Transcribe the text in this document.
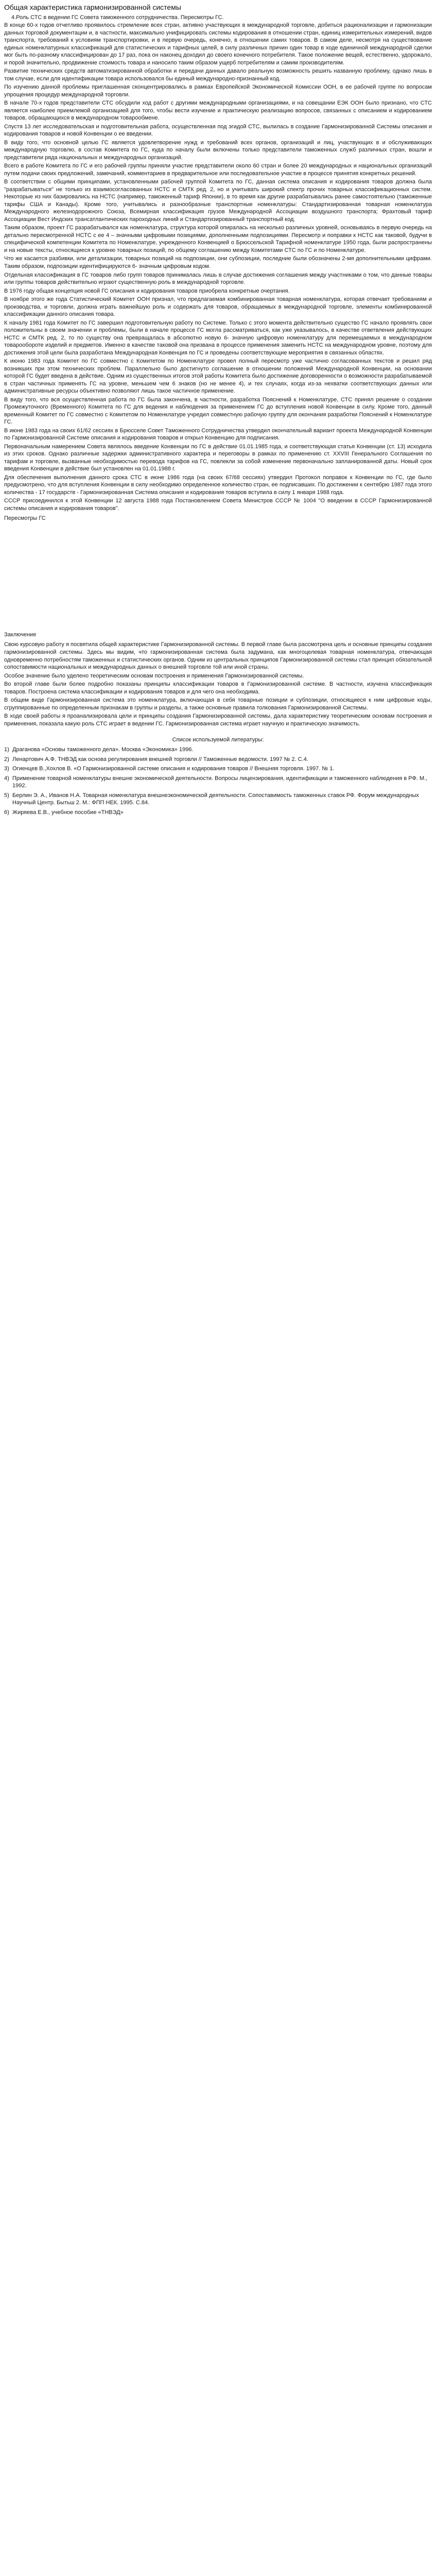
Общая характеристика гармонизированной системы
4.Роль СТС в ведении ГС Совета таможенного сотрудничества. Пересмотры ГС.

В конце 60-х годов отчетливо проявилось стремление всех стран, активно участвующих в международной торговле, добиться рационализации и гармонизации данных торговой документации и, в частности, максимально унифицировать системы кодирования в отношении стран, единиц измерительных измерений, видов транспорта, требований к условиям транспортировки, и в первую очередь, конечно, в отношении самих товаров. В самом деле, несмотря на существование единых номенклатурных классификаций для статистических и тарифных целей, в силу различных причин один товар в ходе единичной международной сделки мог быть по-разному классифицирован до 17 раз, пока он наконец доходил до своего конечного потребителя. Такое положение вещей, естественно, удорожало, и порой значительно, продвижение стоимость товара и наносило таким образом ущерб потребителям и самим производителям.

Развитие технических средств автоматизированной обработки и передачи данных давало реальную возможность решить названную проблему, однако лишь в том случае, если для идентификации товара использовался бы единый международно-признанный код.

По изучению данной проблемы приглашенная сконцентрировались в рамках Европейской Экономической Комиссии ООН, в ее рабочей группе по вопросам упрощения процедур международной торговли.

В начале 70-х годов представители СТС обсудили ход работ с другими международными организациями, и на совещании ЕЭК ООН было признано, что СТС является наиболее приемлемой организацией для того, чтобы вести изучение и практическую реализацию вопросов, связанных с описанием и кодированием товаров, обращающихся в международном товарообмене.

Спустя 13 лет исследовательская и подготовительная работа, осуществленная под эгидой СТС, вылилась в создание Гармонизированной Системы описания и кодирования товаров и новой Конвенции о ее введении.

В виду того, что основной целью ГС является удовлетворение нужд и требований всех органов, организаций и лиц, участвующих в и обслуживающих международную торговлю, в состав Комитета по ГС, куда по началу были включены только представители таможенных служб различных стран, вошли и представители ряда национальных и международных организаций.

Всего в работе Комитета по ГС и его рабочей группы приняли участие представители около 60 стран и более 20 международных и национальных организаций путем подачи своих предложений, замечаний, комментариев в предварительное или последовательное участие в процессе принятия конкретных решений.

В соответствии с общими принципами, установленными рабочей группой Комитета по ГС, данная система описания и кодирования товаров должна была "разрабатываться" не только из взаимосогласованных НСТС и СМТК ред. 2, но и учитывать широкий спектр прочих товарных классификационных систем. Некоторые из них базировались на НСТС (например, таможенный тариф Японии), в то время как другие разрабатывались ранее самостоятельно (таможенные тарифы США и Канады). Кроме того, учитывались и разнообразные транспортные номенклатуры: Стандартизированная товарная номенклатура Международного железнодорожного Союза, Всемирная классификация грузов Международной Ассоциации воздушного транспорта; Фрахтовый тариф Ассоциации Вест Индских трансатлантических пароходных линий и Стандартизированный транспортный код.

Таким образом, проект ГС разрабатывался как номенклатура, структура которой опиралась на несколько различных уровней, основываясь в первую очередь на детально пересмотренной НСТС с ее 4 – значными цифровыми позициями, дополненными подпозициями. Пересмотр и поправки к НСТС как таковой, будучи в специфической компетенции Комитета по Номенклатуре, учрежденного Конвенцией о Брюссельской Тарифной номенклатуре 1950 года, были распространены и на новые тексты, относящиеся к уровню товарных позиций, по общему соглашению между Комитетами СТС по ГС и по Номенклатуре.

Что же касается разбивки, или детализации, товарных позиций на подпозиции, они субпозиции, последние были обозначены 2-мя дополнительными цифрами. Таким образом, подпозиции идентифицируются 6- значным цифровым кодом.

Отдельная классификация в ГС товаров либо групп товаров принималась лишь в случае достижения соглашения между участниками о том, что данные товары или группы товаров действительно играют существенную роль в международной торговле.

В 1976 году общая концепция новой ГС описания и кодирования товаров приобрела конкретные очертания.

В ноябре этого же года Статистический Комитет ООН признал, что предлагаемая комбинированная товарная номенклатура, которая отвечает требованиям и производства, и торговли, должна играть важнейшую роль и содержать для товаров, обращаемых в международной торговле, элементы комбинированной классификации данного описания товара.

К началу 1981 года Комитет по ГС завершил подготовительную работу по Системе. Только с этого момента действительно существо ГС начало проявлять свои положительны в своем значении и проблемы, были в начале процессе ГС могла рассматриваться, как уже указывалось, в качестве ответвления действующих НСТС и СМТК ред. 2, то по существу она превращалась в абсолютно новую 6- значную цифровую номенклатуру для перемещаемых в международном товарообороте изделий и предметов. Именно в качестве таковой она призвана в процессе применения заменить НСТС на международном уровне, поэтому для достижения этой цели была разработана Международная Конвенция по ГС и проведены соответствующие мероприятия в связанных областях.

К июню 1983 года Комитет по ГС совместно с Комитетом по Номенклатуре провел полный пересмотр уже частично согласованных текстов и решил ряд возникших при этом технических проблем. Параллельно было достигнуто соглашение в отношении положений Международной Конвенции, на основании которой ГС будет введена в действие. Одним из существенных итогов этой работы Комитета было достижение договоренности о возможности разрабатываемой в стран частичных применять ГС на уровне, меньшем чем 6 знаков (но не менее 4), и тех случаях, когда из-за нехватки соответствующих данных или административные ресурсы объективно позволяют лишь такое частичное применение.

В виду того, что вся осуществленная работа по ГС была закончена, в частности, разработка Пояснений к Номенклатуре, СТС принял решение о создании Промежуточного (Временного) Комитета по ГС для ведения и наблюдения за применением ГС до вступления новой Конвенции в силу. Кроме того, данный временный Комитет по ГС совместно с Комитетом по Номенклатуре учредил совместную рабочую группу для окончания разработки Пояснений к Номенклатуре ГС.

В июне 1983 года на своих 61/62 сессиях в Брюсселе Совет Таможенного Сотрудничества утвердил окончательный вариант проекта Международной Конвенции по Гармонизированной Системе описания и кодирования товаров и открыл Конвенцию для подписания.

Первоначальным намерением Совета являлось введение Конвенции по ГС в действие 01.01.1985 года, и соответствующая статья Конвенции (ст. 13) исходила из этих сроков. Однако различные задержки административного характера и переговоры в рамках по применению ст. XXVIII Генерального Соглашения по тарифам и торговле, вызванные необходимостью перевода тарифов на ГС, повлекли за собой изменение первоначально запланированной даты. Новый срок введения Конвенции в действие был установлен на 01.01.1988 г.

Для обеспечения выполнения данного срока СТС в июне 1986 года (на своих 67/68 сессиях) утвердил Протокол поправок к Конвенции по ГС, где было предусмотрено, что для вступления Конвенции в силу необходимо определенное количество стран, ее подписавших. По достижении к сентябрю 1987 года этого количества - 17 государств - Гармонизированная Система описания и кодирования товаров вступила в силу 1 января 1988 года.

СССР присоединился к этой Конвенции 12 августа 1988 года Постановлением Совета Министров СССР № 1004 "О введении в СССР Гармонизированной системы описания и кодирования товаров".

Пересмотры ГС
Заключение

Свою курсовую работу я посвятила общей характеристике Гармонизированной системы. В первой главе была рассмотрена цель и основные принципы создания гармонизированной системы. Здесь мы видим, что гармонизированная система была задумана, как многоцелевая товарная номенклатура, отвечающая одновременно потребностям таможенных и статистических органов. Одним из центральных принципов Гармонизированной системы стал принцип обязательной сопоставимости национальных и международных данных о внешней торговле той или иной страны.

Особое значение было уделено теоретическим основам построения и применения Гармонизированной системы.

Во второй главе были более подробно показаны принципы классификации товаров в Гармонизированной системе. В частности, изучена классификация товаров. Построена система классификации и кодирования товаров и для чего она необходима.

В общем виде Гармонизированная система это номенклатура, включающая в себя товарные позиции и субпозиции, относящиеся к ним цифровые коды, сгруппированные по определенным признакам в группы и разделы, а также основные правила толкования Гармонизированной Системы.

В ходе своей работы я проанализировала цели и принципы создания Гармонизированной системы, дала характеристику теоретическим основам построения и применения, показала какую роль СТС играет в ведении ГС. Гармонизированная система играет научную и практическую значимость.

Список используемой литературы:
1) Драганова «Основы таможенного дела». Москва «Экономика» 1996.
2) Ленартович А.Ф. ТНВЭД как основа регулирования внешней торговли // Таможенные ведомости. 1997 № 2. С.4.
3) Огиенцев В.,Хохлов В. «О Гармонизированной системе описания и кодирования товаров // Внешняя торговля. 1997. № 1.
4) Применение товарной номенклатуры внешне экономической деятельности. Вопросы лицензирования, идентификации и таможенного наблюдения в РФ. М., 1992.
5) Берлин Э. А., Иванов Н.А. Товарная номенклатура внешнеэкономической деятельности. Сопоставимость таможенных ставок РФ. Форум международных Научный Центр. Бытьш 2. М.: ФПП НЕК. 1995. С.84.
6) Жиряева Е.В., учебное пособие «ТНВЭД»
